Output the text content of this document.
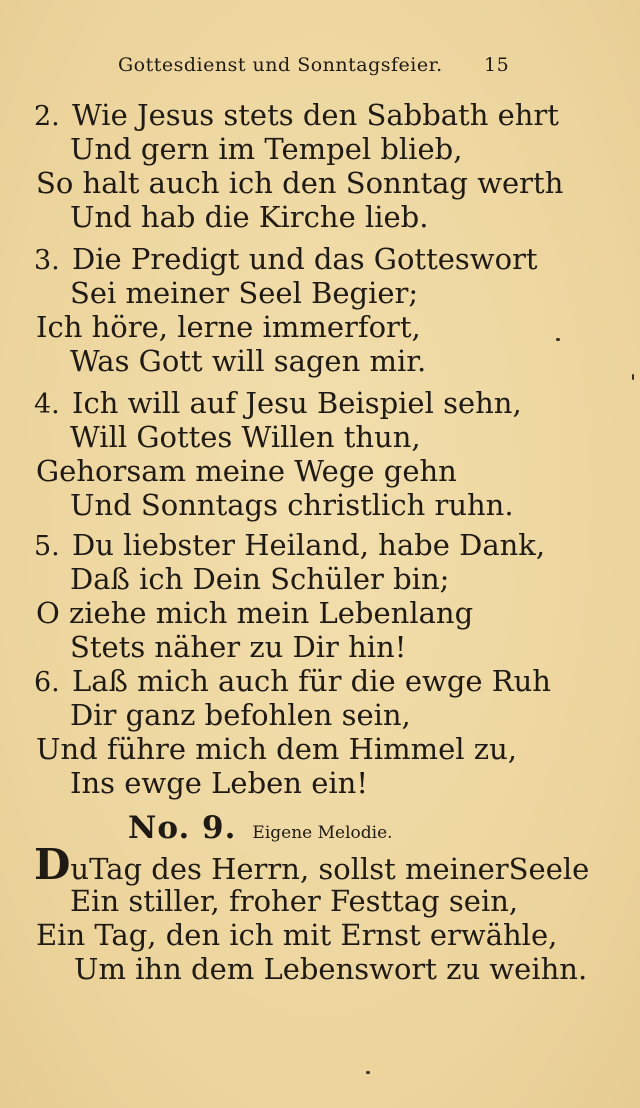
Gottesdienst und Sonntagsfeier. 15
2. Wie Jesus stets den Sabbath ehrt
Und gern im Tempel blieb,
So halt auch ich den Sonntag werth
Und hab die Kirche lieb.
3. Die Predigt und das Gotteswort
Sei meiner Seel Begier;
Ich höre, lerne immerfort,
Was Gott will sagen mir.
4. Ich will auf Jesu Beispiel sehn,
Will Gottes Willen thun,
Gehorsam meine Wege gehn
Und Sonntags christlich ruhn.
5. Du liebster Heiland, habe Dank,
Daß ich Dein Schüler bin;
O ziehe mich mein Lebenlang
Stets näher zu Dir hin!
6. Laß mich auch für die ewge Ruh
Dir ganz befohlen sein,
Und führe mich dem Himmel zu,
Ins ewge Leben ein!
No. 9. Eigene Melodie.
DuTag des Herrn, sollst meinerSeele
Ein stiller, froher Festtag sein,
Ein Tag, den ich mit Ernst erwähle,
Um ihn dem Lebenswort zu weihn.
